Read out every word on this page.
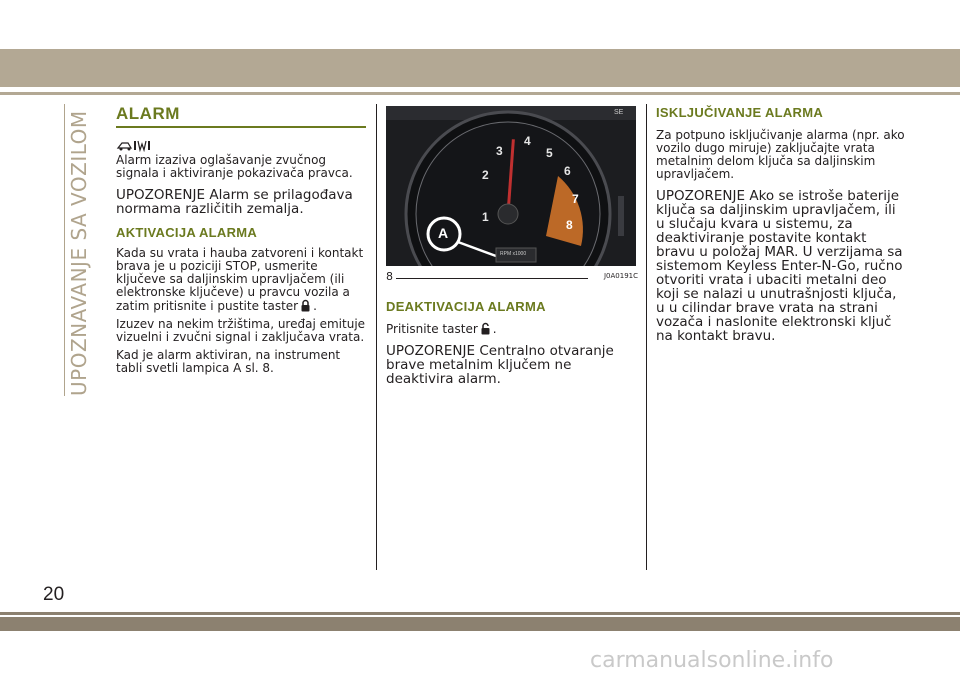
UPOZNAVANJE SA VOZILOM	ALARM

Alarm izaziva oglašavanje zvučnog signala i aktiviranje pokazivača pravca.

UPOZORENJE Alarm se prilagođava normama različitih zemalja.

AKTIVACIJA ALARMA

Kada su vrata i hauba zatvoreni i kontakt brava je u poziciji STOP, usmerite ključeve sa daljinskim upravljačem (ili elektronske ključeve) u pravcu vozila a zatim pritisnite i pustite taster .

Izuzev na nekim tržištima, uređaj emituje vizuelni i zvučni signal i zaključava vrata.

Kad je alarm aktiviran, na instrument tabli svetli lampica A sl. 8.

1
2
3
4
5
6
7
8
A
RPM x1000
SE
8	J0A0191C
DEAKTIVACIJA ALARMA

Pritisnite taster .

UPOZORENJE Centralno otvaranje brave metalnim ključem ne deaktivira alarm.

ISKLJUČIVANJE ALARMA

Za potpuno isključivanje alarma (npr. ako vozilo dugo miruje) zaključajte vrata metalnim delom ključa sa daljinskim upravljačem.

UPOZORENJE Ako se istroše baterije ključa sa daljinskim upravljačem, ili u slučaju kvara u sistemu, za deaktiviranje postavite kontakt bravu u položaj MAR. U verzijama sa sistemom Keyless Enter-N-Go, ručno otvoriti vrata i ubaciti metalni deo koji se nalazi u unutrašnjosti ključa, u u cilindar brave vrata na strani vozača i naslonite elektronski ključ na kontakt bravu.

20
carmanualsonline.info
